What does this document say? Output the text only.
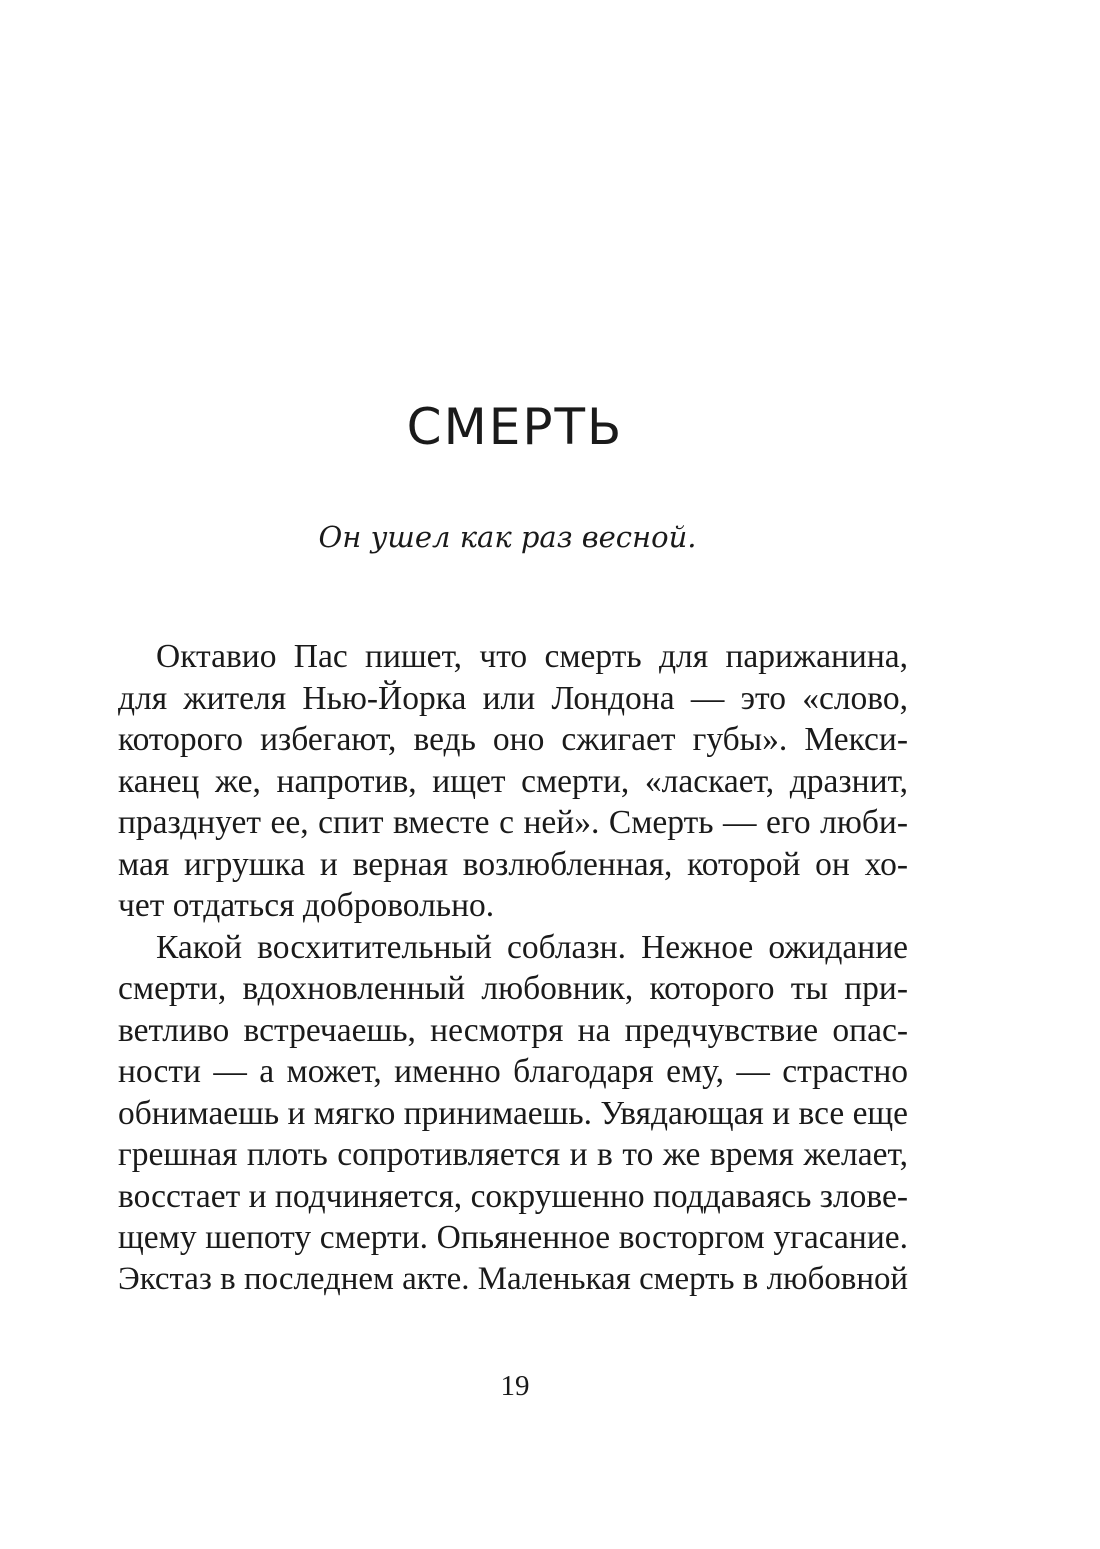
СМЕРТЬ

Он ушел как раз весной.

Октавио Пас пишет, что смерть для парижанина,
для жителя Нью-Йорка или Лондона — это «слово,
которого избегают, ведь оно сжигает губы». Мекси-
канец же, напротив, ищет смерти, «ласкает, дразнит,
празднует ее, спит вместе с ней». Смерть — его люби-
мая игрушка и верная возлюбленная, которой он хо-
чет отдаться добровольно.
Какой восхитительный соблазн. Нежное ожидание
смерти, вдохновленный любовник, которого ты при-
ветливо встречаешь, несмотря на предчувствие опас-
ности — а может, именно благодаря ему, — страстно
обнимаешь и мягко принимаешь. Увядающая и все еще
грешная плоть сопротивляется и в то же время желает,
восстает и подчиняется, сокрушенно поддаваясь злове-
щему шепоту смерти. Опьяненное восторгом угасание.
Экстаз в последнем акте. Маленькая смерть в любовной

19
